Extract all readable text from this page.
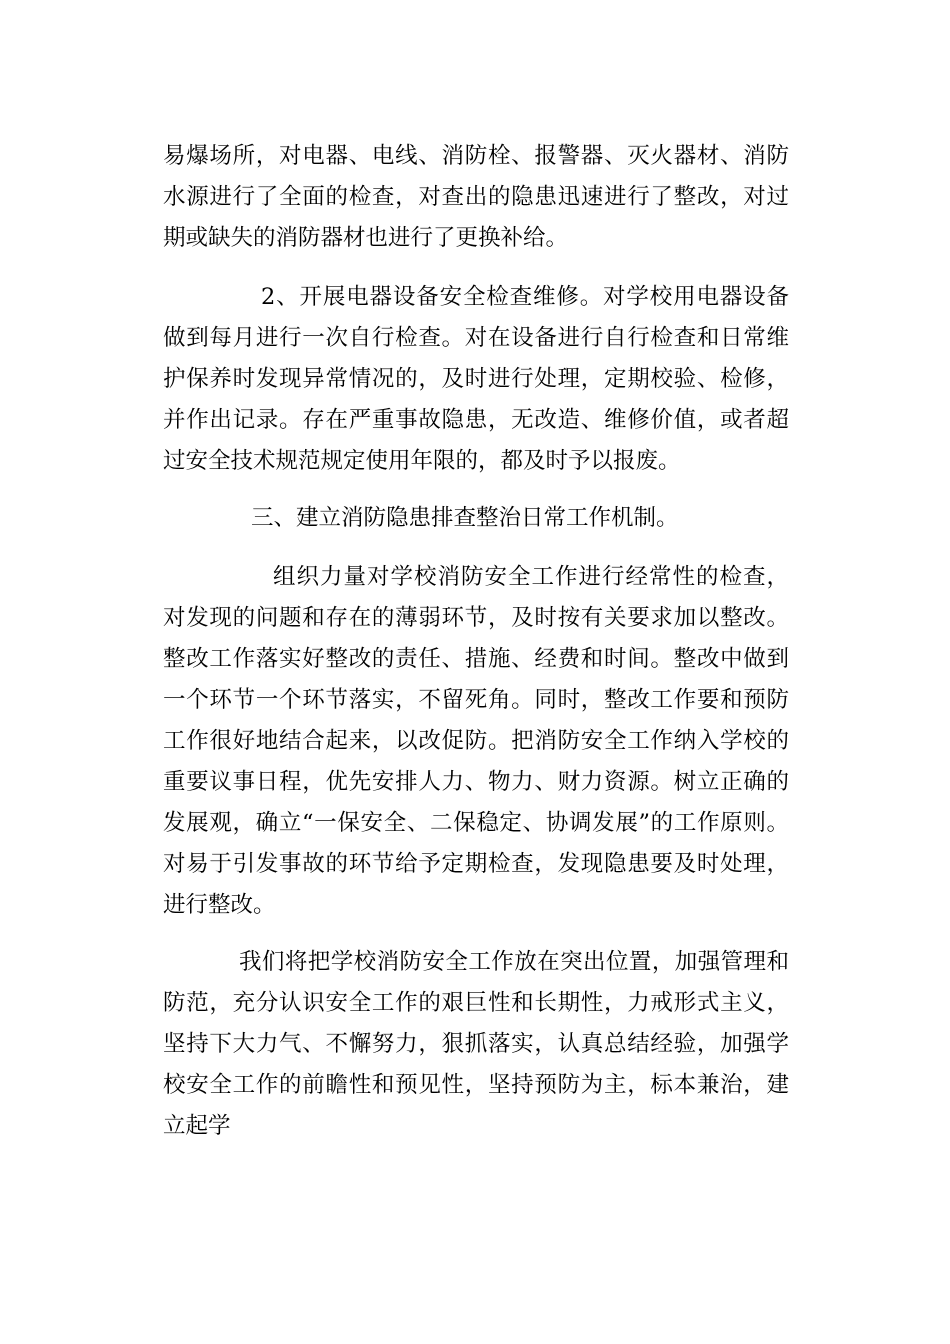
易爆场所，对电器、电线、消防栓、报警器、灭火器材、消防水源进行了全面的检查，对查出的隐患迅速进行了整改，对过期或缺失的消防器材也进行了更换补给。

2、开展电器设备安全检查维修。对学校用电器设备做到每月进行一次自行检查。对在设备进行自行检查和日常维护保养时发现异常情况的，及时进行处理，定期校验、检修，并作出记录。存在严重事故隐患，无改造、维修价值，或者超过安全技术规范规定使用年限的，都及时予以报废。

三、建立消防隐患排查整治日常工作机制。

组织力量对学校消防安全工作进行经常性的检查，对发现的问题和存在的薄弱环节，及时按有关要求加以整改。整改工作落实好整改的责任、措施、经费和时间。整改中做到一个环节一个环节落实，不留死角。同时，整改工作要和预防工作很好地结合起来，以改促防。把消防安全工作纳入学校的重要议事日程，优先安排人力、物力、财力资源。树立正确的发展观，确立“一保安全、二保稳定、协调发展”的工作原则。对易于引发事故的环节给予定期检查，发现隐患要及时处理，进行整改。

我们将把学校消防安全工作放在突出位置，加强管理和防范，充分认识安全工作的艰巨性和长期性，力戒形式主义，坚持下大力气、不懈努力，狠抓落实，认真总结经验，加强学校安全工作的前瞻性和预见性，坚持预防为主，标本兼治，建立起学
